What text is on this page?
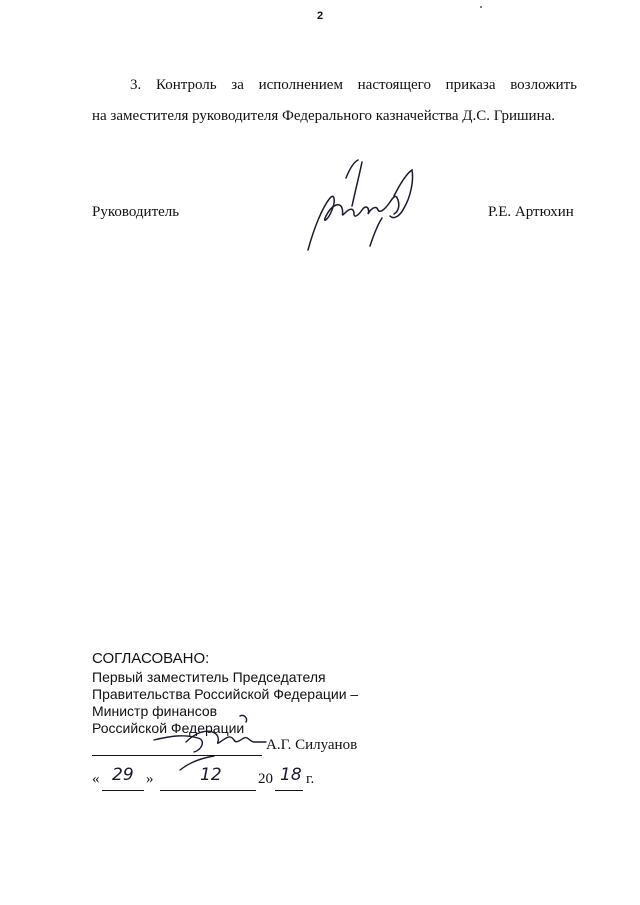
2
3. Контроль за исполнением настоящего приказа возложить
на заместителя руководителя Федерального казначейства Д.С. Гришина.
Руководитель	Р.Е. Артюхин
СОГЛАСОВАНО:
Первый заместитель Председателя
Правительства Российской Федерации –
Министр финансов
Российской Федерации
А.Г. Силуанов
« 29 »	12 20 18 г.
